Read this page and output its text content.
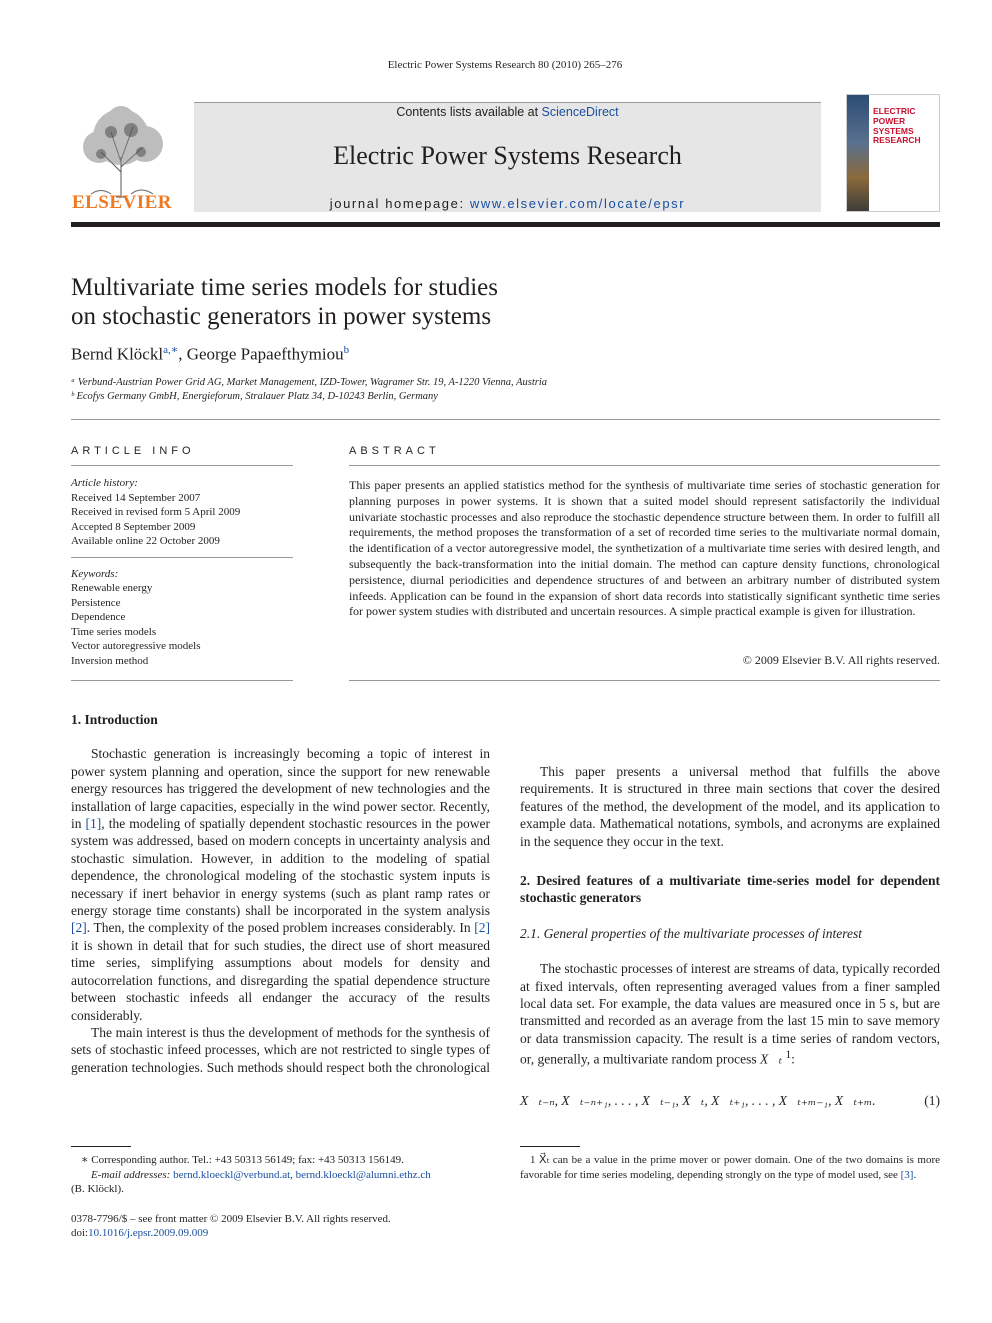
Electric Power Systems Research 80 (2010) 265–276
ELSEVIER
Contents lists available at ScienceDirect
Electric Power Systems Research
journal homepage: www.elsevier.com/locate/epsr
ELECTRIC POWER SYSTEMS RESEARCH
Multivariate time series models for studies
on stochastic generators in power systems
Bernd Klöckl$^{a,∗}$, George Papaefthymiou$^b$
ᵃ Verbund-Austrian Power Grid AG, Market Management, IZD-Tower, Wagramer Str. 19, A-1220 Vienna, Austria
ᵇ Ecofys Germany GmbH, Energieforum, Stralauer Platz 34, D-10243 Berlin, Germany
ARTICLE INFO
Article history:
Received 14 September 2007
Received in revised form 5 April 2009
Accepted 8 September 2009
Available online 22 October 2009
Keywords:
Renewable energy
Persistence
Dependence
Time series models
Vector autoregressive models
Inversion method
ABSTRACT
This paper presents an applied statistics method for the synthesis of multivariate time series of stochastic generation for planning purposes in power systems. It is shown that a suited model should represent satisfactorily the individual univariate stochastic processes and also reproduce the stochastic dependence structure between them. In order to fulfill all requirements, the method proposes the transformation of a set of recorded time series to the multivariate normal domain, the identification of a vector autoregressive model, the synthetization of a multivariate time series with desired length, and subsequently the back-transformation into the initial domain. The method can capture density functions, chronological persistence, diurnal periodicities and dependence structures of and between an arbitrary number of distributed system infeeds. Application can be found in the expansion of short data records into statistically significant synthetic time series for power system studies with distributed and uncertain resources. A simple practical example is given for illustration.
© 2009 Elsevier B.V. All rights reserved.
1. Introduction

Stochastic generation is increasingly becoming a topic of interest in power system planning and operation, since the support for new renewable energy resources has triggered the development of new technologies and the installation of large capacities, especially in the wind power sector. Recently, in [1], the modeling of spatially dependent stochastic resources in the power system was addressed, based on modern concepts in uncertainty analysis and stochastic simulation. However, in addition to the modeling of spatial dependence, the chronological modeling of the stochastic system inputs is necessary if inert behavior in energy systems (such as plant ramp rates or energy storage time constants) shall be incorporated in the system analysis [2]. Then, the complexity of the posed problem increases considerably. In [2] it is shown in detail that for such studies, the direct use of short measured time series, simplifying assumptions about models for density and autocorrelation functions, and disregarding the spatial dependence structure between stochastic infeeds all endanger the accuracy of the results considerably.

The main interest is thus the development of methods for the synthesis of sets of stochastic infeed processes, which are not restricted to single types of generation technologies. Such methods should respect both the chronological

This paper presents a universal method that fulfills the above requirements. It is structured in three main sections that cover the desired features of the method, the development of the model, and its application to example data. Mathematical notations, symbols, and acronyms are explained in the sequence they occur in the text.

2. Desired features of a multivariate time-series model for dependent stochastic generators
2.1. General properties of the multivariate processes of interest

The stochastic processes of interest are streams of data, typically recorded at fixed intervals, often representing averaged values from a finer sampled local data set. For example, the data values are measured once in 5 s, but are transmitted and recorded as an average from the last 15 min to save memory or data transmission capacity. The result is a time series of random vectors, or, generally, a multivariate random process X⃗ₜ $^1$:

X⃗ₜ₋ₙ, X⃗ₜ₋ₙ₊₁, . . . , X⃗ₜ₋₁, X⃗ₜ, X⃗ₜ₊₁, . . . , X⃗ₜ₊ₘ₋₁, X⃗ₜ₊ₘ.	(1)
∗ Corresponding author. Tel.: +43 50313 56149; fax: +43 50313 156149.
E-mail addresses: bernd.kloeckl@verbund.at, bernd.kloeckl@alumni.ethz.ch
(B. Klöckl).
0378-7796/$ – see front matter © 2009 Elsevier B.V. All rights reserved.
doi:10.1016/j.epsr.2009.09.009
1 X⃗ₜ can be a value in the prime mover or power domain. One of the two domains is more favorable for time series modeling, depending strongly on the type of model used, see [3].
